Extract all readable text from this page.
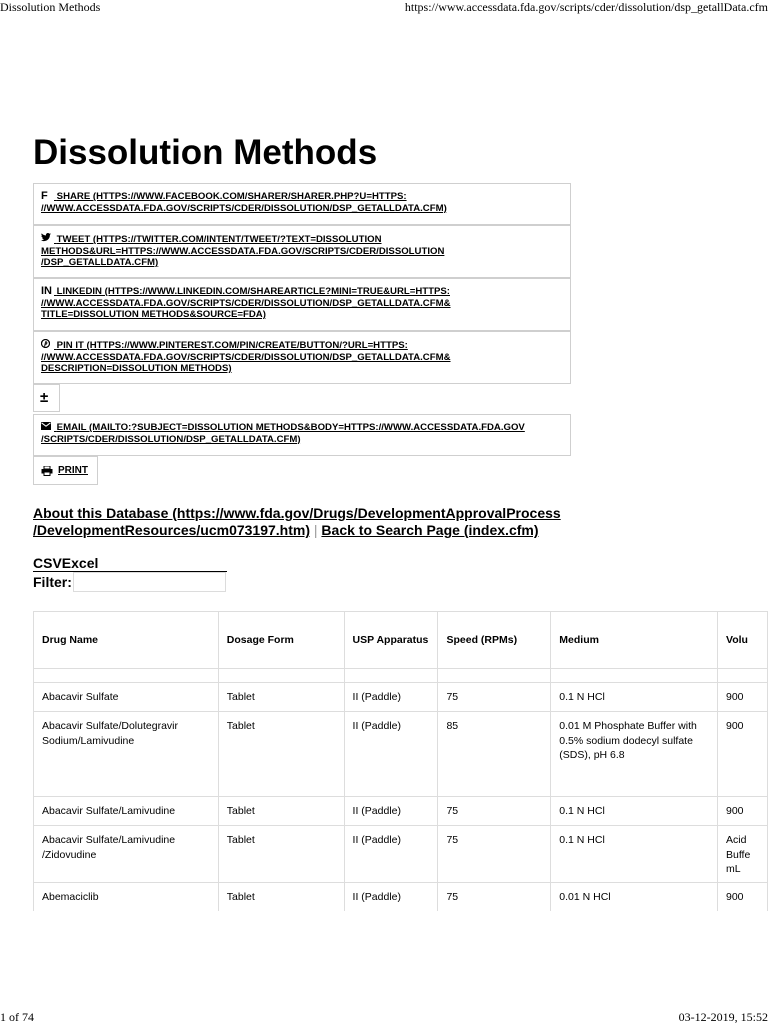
Dissolution Methods	https://www.accessdata.fda.gov/scripts/cder/dissolution/dsp_getallData.cfm
Dissolution Methods
F SHARE (HTTPS://WWW.FACEBOOK.COM/SHARER/SHARER.PHP?U=HTTPS:
//WWW.ACCESSDATA.FDA.GOV/SCRIPTS/CDER/DISSOLUTION/DSP_GETALLDATA.CFM)
TWEET (HTTPS://TWITTER.COM/INTENT/TWEET/?TEXT=DISSOLUTION
METHODS&URL=HTTPS://WWW.ACCESSDATA.FDA.GOV/SCRIPTS/CDER/DISSOLUTION
/DSP_GETALLDATA.CFM)
IN LINKEDIN (HTTPS://WWW.LINKEDIN.COM/SHAREARTICLE?MINI=TRUE&URL=HTTPS:
//WWW.ACCESSDATA.FDA.GOV/SCRIPTS/CDER/DISSOLUTION/DSP_GETALLDATA.CFM&
TITLE=DISSOLUTION METHODS&SOURCE=FDA)
PIN IT (HTTPS://WWW.PINTEREST.COM/PIN/CREATE/BUTTON/?URL=HTTPS:
//WWW.ACCESSDATA.FDA.GOV/SCRIPTS/CDER/DISSOLUTION/DSP_GETALLDATA.CFM&
DESCRIPTION=DISSOLUTION METHODS)
±
EMAIL (MAILTO:?SUBJECT=DISSOLUTION METHODS&BODY=HTTPS://WWW.ACCESSDATA.FDA.GOV
/SCRIPTS/CDER/DISSOLUTION/DSP_GETALLDATA.CFM)
PRINT
About this Database (https://www.fda.gov/Drugs/DevelopmentApprovalProcess
/DevelopmentResources/ucm073197.htm) | Back to Search Page (index.cfm)
CSVExcel
Filter:
Drug Name	Dosage Form	USP Apparatus	Speed (RPMs)	Medium	Volu

Abacavir Sulfate	Tablet	II (Paddle)	75	0.1 N HCl	900
Abacavir Sulfate/Dolutegravir Sodium/Lamivudine	Tablet	II (Paddle)	85	0.01 M Phosphate Buffer with 0.5% sodium dodecyl sulfate (SDS), pH 6.8	900
Abacavir Sulfate/Lamivudine	Tablet	II (Paddle)	75	0.1 N HCl	900
Abacavir Sulfate/Lamivudine /Zidovudine	Tablet	II (Paddle)	75	0.1 N HCl	Acid Buffe mL
Abemaciclib	Tablet	II (Paddle)	75	0.01 N HCl	900
1 of 74	03-12-2019, 15:52
